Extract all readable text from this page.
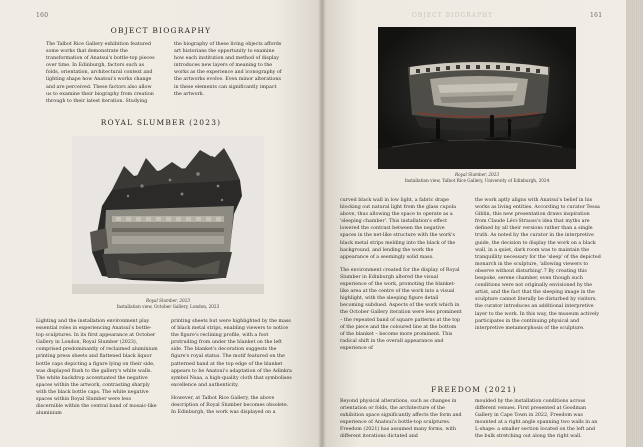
160
OBJECT BIOGRAPHY

The Talbot Rice Gallery exhibition featured some works that demonstrate the transformation of Anatsui's bottle-top pieces over time. In Edinburgh, factors such as folds, orientation, architectural context and lighting shape how Anatsui's works change and are perceived. These factors also allow us to examine their biography from creation through to their latest iteration. Studying

the biography of these living objects affords art historians the opportunity to examine how each institution and method of display introduces new layers of meaning to the works as the experience and iconography of the artworks evolve. Even minor alterations in these elements can significantly impact the artwork.

ROYAL SLUMBER (2023)
Royal Slumber, 2023
Installation view, October Gallery, London, 2023

Lighting and the installation environment play essential roles in experiencing Anatsui's bottle-top sculptures. In its first appearance at October Gallery in London, Royal Slumber (2023), comprised predominantly of reclaimed aluminium printing press sheets and flattened black liquor bottle caps depicting a figure lying on their side, was displayed flush to the gallery's white walls. The white backdrop accentuated the negative spaces within the artwork, contrasting sharply with the black bottle caps. The white negative spaces within Royal Slumber were less discernible within the central band of mosaic-like aluminium

printing sheets but were highlighted by the mass of black metal strips, enabling viewers to notice the figure's reclining profile, with a foot protruding from under the blanket on the left side. The blanket's decoration suggests the figure's royal status. The motif featured on the patterned band at the top edge of the blanket appears to be Anatsui's adaptation of the Adinkra symbol Nsaa, a high-quality cloth that symbolises excellence and authenticity.

However, at Talbot Rice Gallery, the above description of Royal Slumber becomes obsolete. In Edinburgh, the work was displayed on a

OBJECT BIOGRAPHY	161
Royal Slumber, 2023
Installation view, Talbot Rice Gallery, University of Edinburgh, 2024

curved black wall in low light, a fabric drape blocking out natural light from the glass cupola above, thus allowing the space to operate as a 'sleeping chamber'. This installation's effect lowered the contrast between the negative spaces in the net-like structure with the work's black metal strips melding into the black of the background, and lending the work the appearance of a seemingly solid mass.

The environment created for the display of Royal Slumber in Edinburgh altered the visual experience of the work, promoting the blanket-like area at the centre of the work into a visual highlight, with the sleeping figure detail becoming subdued. Aspects of the work which in the October Gallery iteration were less prominent – the repeated band of square patterns at the top of the piece and the coloured line at the bottom of the blanket – become more prominent. This radical shift in the overall appearance and experience of

the work aptly aligns with Anatsui's belief in his works as living entities. According to curator Tessa Giblin, this new presentation draws inspiration from Claude Lévi-Strauss's idea that myths are defined by all their versions rather than a single truth. As noted by the curator in the interpretive guide, the decision to display the work on a black wall, in a quiet, dark room was to maintain the tranquillity necessary for the 'sleep' of the depicted monarch in the sculpture, 'allowing viewers to observe without disturbing'.7 By creating this bespoke, serene chamber, even though such conditions were not originally envisioned by the artist, and the fact that the sleeping image in the sculpture cannot literally be disturbed by visitors, the curator introduces an additional interpretive layer to the work. In this way, the museum actively participates in the continuing physical and interpretive metamorphosis of the sculpture.

FREEDOM (2021)

Beyond physical alterations, such as changes in orientation or folds, the architecture of the exhibition space significantly affects the form and experience of Anatsui's bottle-top sculptures. Freedom (2021) has assumed many forms, with different iterations dictated and

moulded by the installation conditions across different venues. First presented at Goodman Gallery in Cape Town in 2022, Freedom was mounted at a right angle spanning two walls in an L-shape: a smaller section located on the left and the bulk stretching out along the right wall.
